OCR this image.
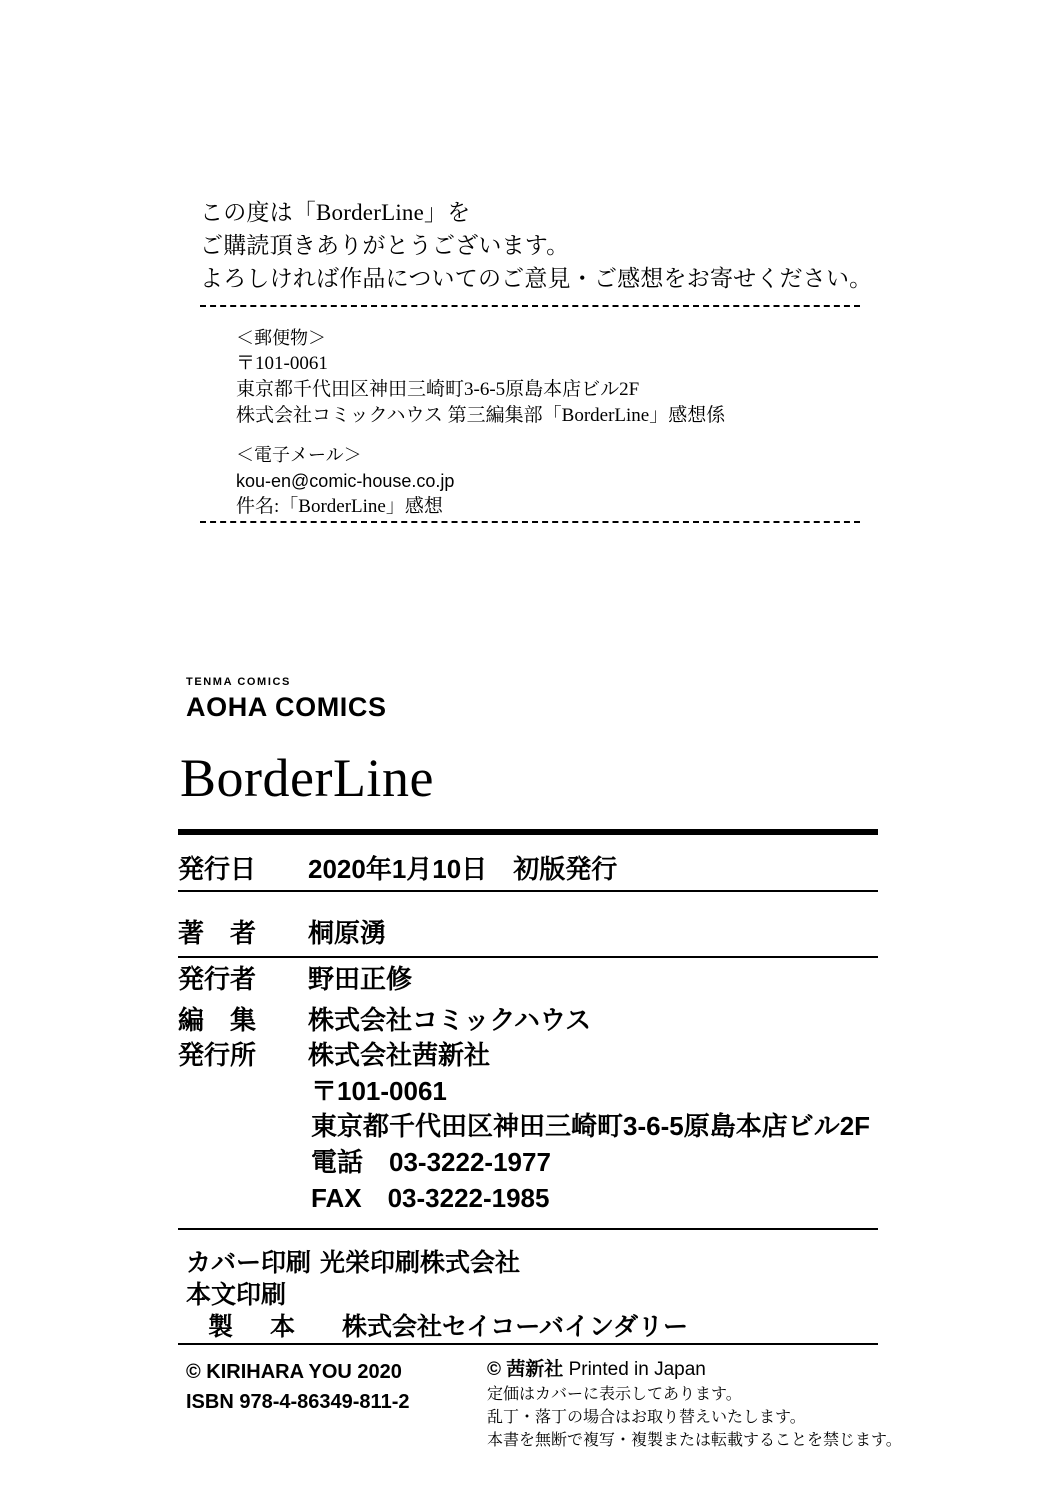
この度は「BorderLine」を
ご購読頂きありがとうございます。
よろしければ作品についてのご意見・ご感想をお寄せください。
＜郵便物＞
〒101-0061
東京都千代田区神田三崎町3-6-5原島本店ビル2F
株式会社コミックハウス 第三編集部「BorderLine」感想係
＜電子メール＞
kou-en@comic-house.co.jp
件名:「BorderLine」感想
TENMA COMICS
AOHA COMICS
BorderLine
発行日	2020年1月10日　初版発行
著　者	桐原湧
発行者	野田正修
編　集	株式会社コミックハウス
発行所	株式会社茜新社
〒101-0061
東京都千代田区神田三崎町3-6-5原島本店ビル2F
電話　03-3222-1977
FAX　03-3222-1985
カバー印刷 光栄印刷株式会社
本文印刷
製　本	株式会社セイコーバインダリー
© KIRIHARA YOU 2020
ISBN 978-4-86349-811-2
© 茜新社 Printed in Japan
定価はカバーに表示してあります。
乱丁・落丁の場合はお取り替えいたします。
本書を無断で複写・複製または転載することを禁じます。
